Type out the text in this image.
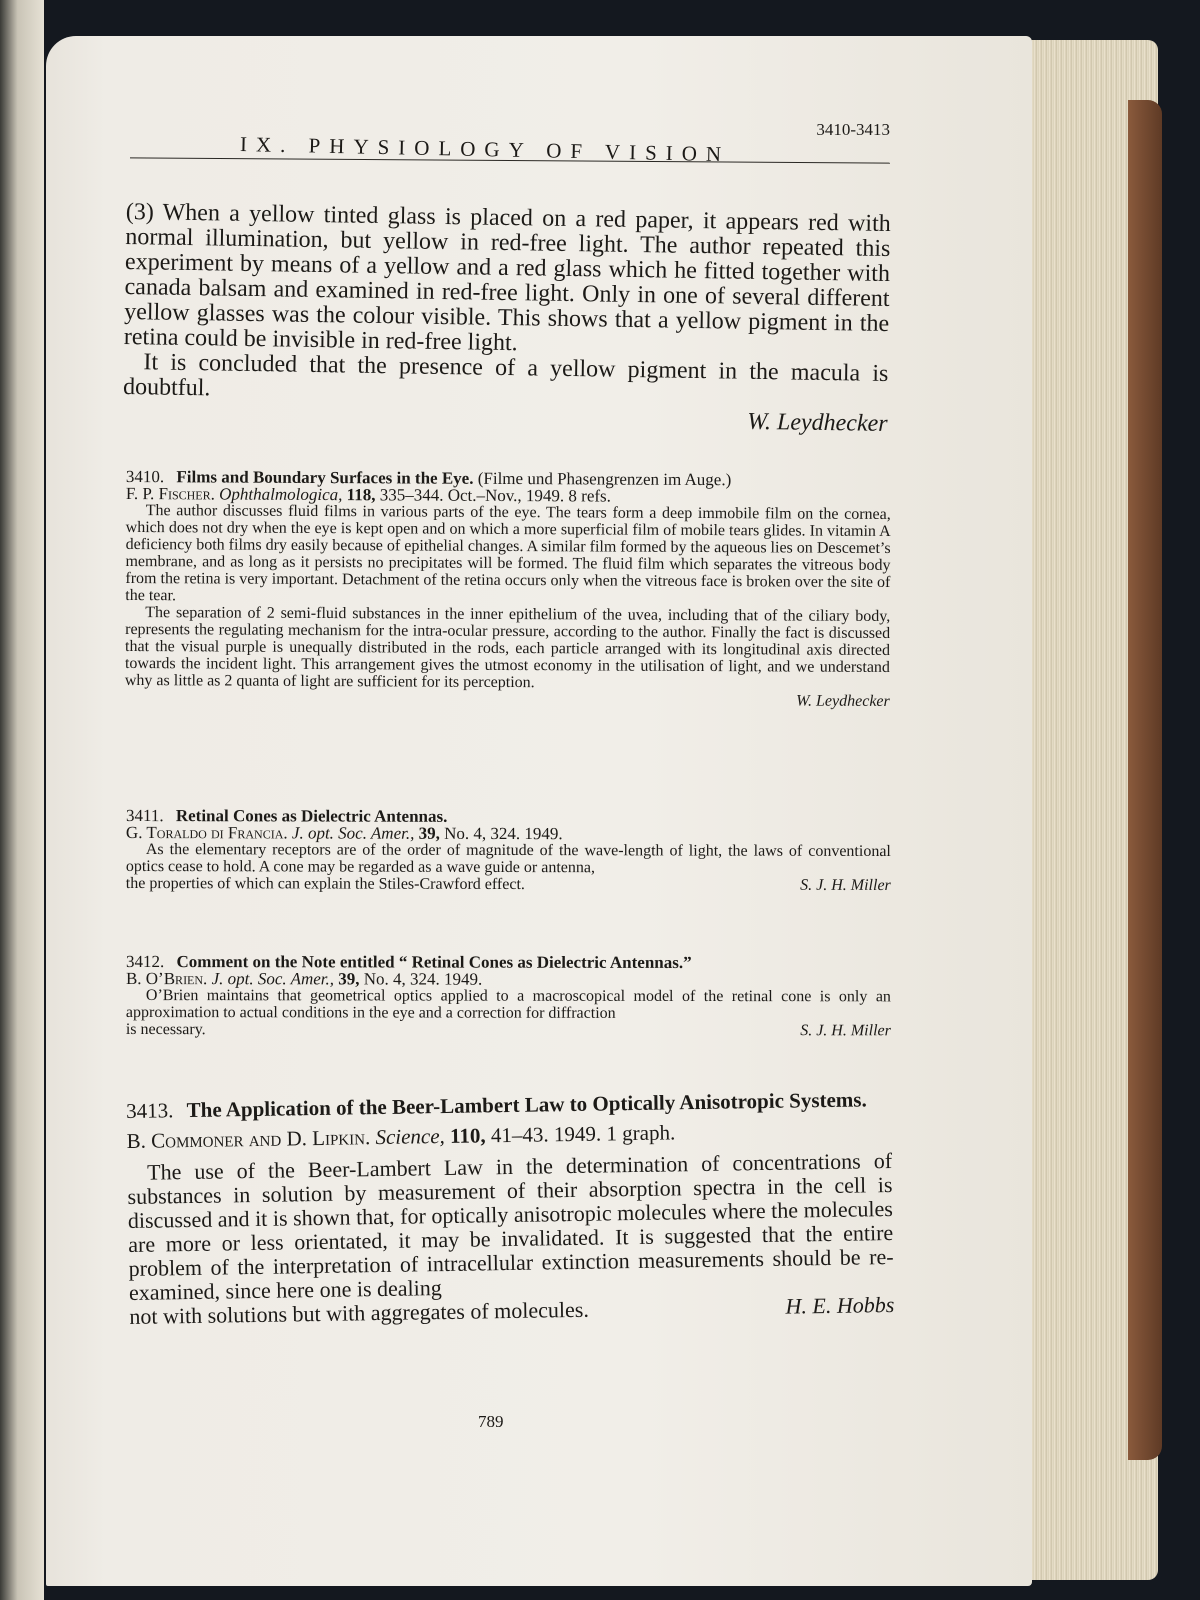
IX. PHYSIOLOGY OF VISION
3410-3413

(3) When a yellow tinted glass is placed on a red paper, it appears red with normal illumination, but yellow in red-free light. The author repeated this experiment by means of a yellow and a red glass which he fitted together with canada balsam and examined in red-free light. Only in one of several different yellow glasses was the colour visible. This shows that a yellow pigment in the retina could be invisible in red-free light.

It is concluded that the presence of a yellow pigment in the macula is doubtful.

W. Leydhecker

3410. Films and Boundary Surfaces in the Eye. (Filme und Phasengrenzen im Auge.)

F. P. Fischer. Ophthalmologica, 118, 335–344. Oct.–Nov., 1949. 8 refs.

The author discusses fluid films in various parts of the eye. The tears form a deep immobile film on the cornea, which does not dry when the eye is kept open and on which a more superficial film of mobile tears glides. In vitamin A deficiency both films dry easily because of epithelial changes. A similar film formed by the aqueous lies on Descemet’s membrane, and as long as it persists no precipitates will be formed. The fluid film which separates the vitreous body from the retina is very important. Detachment of the retina occurs only when the vitreous face is broken over the site of the tear.

The separation of 2 semi-fluid substances in the inner epithelium of the uvea, including that of the ciliary body, represents the regulating mechanism for the intra-ocular pressure, according to the author. Finally the fact is discussed that the visual purple is unequally distributed in the rods, each particle arranged with its longitudinal axis directed towards the incident light. This arrangement gives the utmost economy in the utilisation of light, and we understand why as little as 2 quanta of light are sufficient for its perception.

W. Leydhecker

3411. Retinal Cones as Dielectric Antennas.

G. Toraldo di Francia. J. opt. Soc. Amer., 39, No. 4, 324. 1949.

As the elementary receptors are of the order of magnitude of the wave-length of light, the laws of conventional optics cease to hold. A cone may be regarded as a wave guide or antenna,

the properties of which can explain the Stiles-Crawford effect.	S. J. H. Miller

3412. Comment on the Note entitled “ Retinal Cones as Dielectric Antennas.”

B. O’Brien. J. opt. Soc. Amer., 39, No. 4, 324. 1949.

O’Brien maintains that geometrical optics applied to a macroscopical model of the retinal cone is only an approximation to actual conditions in the eye and a correction for diffraction

is necessary.	S. J. H. Miller

3413. The Application of the Beer-Lambert Law to Optically Anisotropic Systems.

B. Commoner and D. Lipkin. Science, 110, 41–43. 1949. 1 graph.

The use of the Beer-Lambert Law in the determination of concentrations of substances in solution by measurement of their absorption spectra in the cell is discussed and it is shown that, for optically anisotropic molecules where the molecules are more or less orientated, it may be invalidated. It is suggested that the entire problem of the interpretation of intracellular extinction measurements should be re-examined, since here one is dealing

not with solutions but with aggregates of molecules.	H. E. Hobbs
789
